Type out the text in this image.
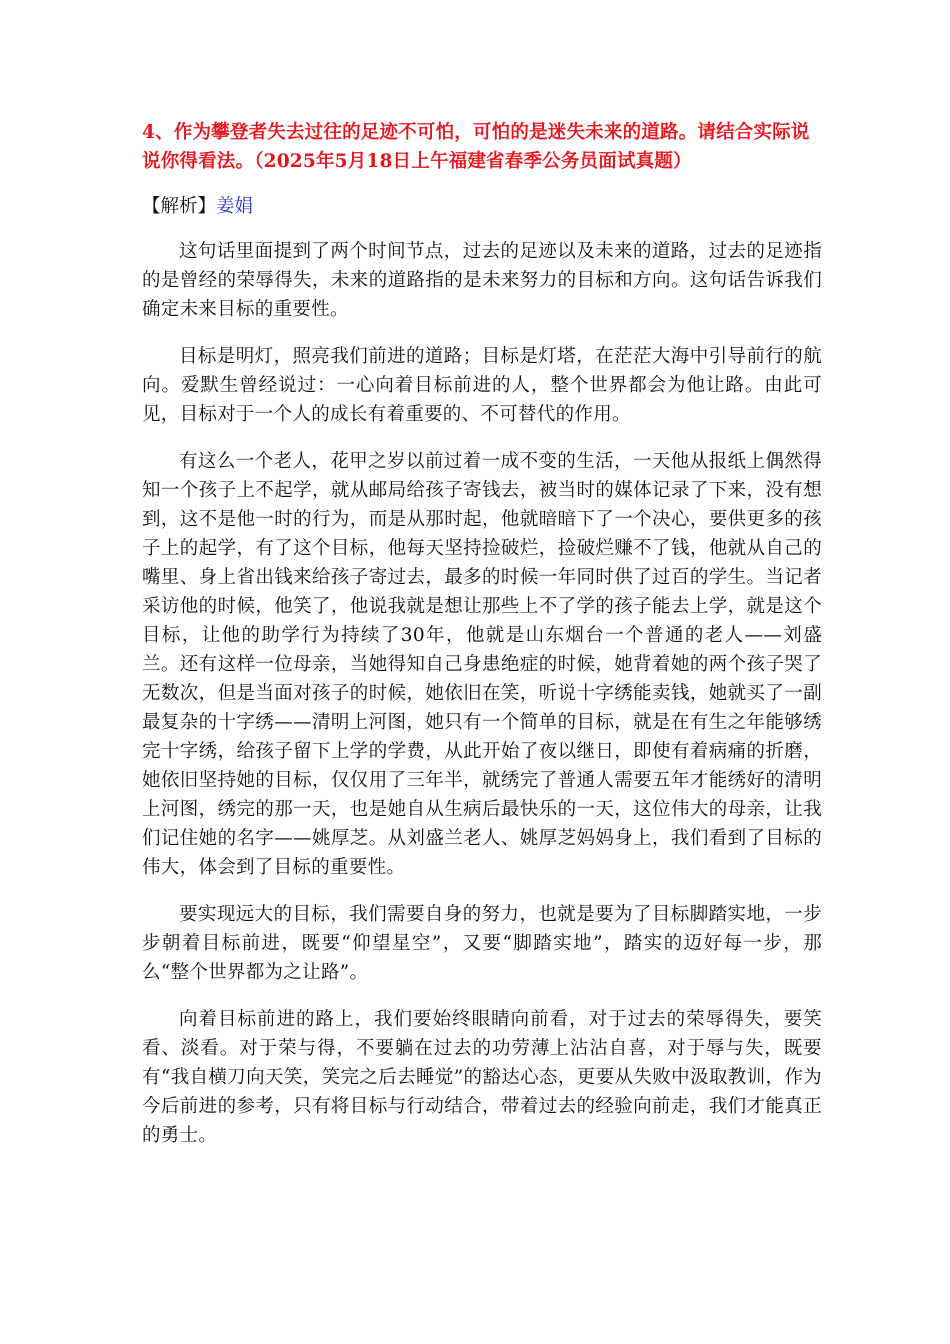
4、作为攀登者失去过往的足迹不可怕，可怕的是迷失未来的道路。请结合实际说说你得看法。（2025年5月18日上午福建省春季公务员面试真题）
【解析】姜娟

这句话里面提到了两个时间节点，过去的足迹以及未来的道路，过去的足迹指的是曾经的荣辱得失，未来的道路指的是未来努力的目标和方向。这句话告诉我们确定未来目标的重要性。

目标是明灯，照亮我们前进的道路；目标是灯塔，在茫茫大海中引导前行的航向。爱默生曾经说过：一心向着目标前进的人，整个世界都会为他让路。由此可见，目标对于一个人的成长有着重要的、不可替代的作用。

有这么一个老人，花甲之岁以前过着一成不变的生活，一天他从报纸上偶然得知一个孩子上不起学，就从邮局给孩子寄钱去，被当时的媒体记录了下来，没有想到，这不是他一时的行为，而是从那时起，他就暗暗下了一个决心，要供更多的孩子上的起学，有了这个目标，他每天坚持捡破烂，捡破烂赚不了钱，他就从自己的嘴里、身上省出钱来给孩子寄过去，最多的时候一年同时供了过百的学生。当记者采访他的时候，他笑了，他说我就是想让那些上不了学的孩子能去上学，就是这个目标，让他的助学行为持续了30年，他就是山东烟台一个普通的老人——刘盛兰。还有这样一位母亲，当她得知自己身患绝症的时候，她背着她的两个孩子哭了无数次，但是当面对孩子的时候，她依旧在笑，听说十字绣能卖钱，她就买了一副最复杂的十字绣——清明上河图，她只有一个简单的目标，就是在有生之年能够绣完十字绣，给孩子留下上学的学费，从此开始了夜以继日，即使有着病痛的折磨，她依旧坚持她的目标，仅仅用了三年半，就绣完了普通人需要五年才能绣好的清明上河图，绣完的那一天，也是她自从生病后最快乐的一天，这位伟大的母亲，让我们记住她的名字——姚厚芝。从刘盛兰老人、姚厚芝妈妈身上，我们看到了目标的伟大，体会到了目标的重要性。

要实现远大的目标，我们需要自身的努力，也就是要为了目标脚踏实地，一步步朝着目标前进，既要“仰望星空”，又要“脚踏实地”，踏实的迈好每一步，那么“整个世界都为之让路”。

向着目标前进的路上，我们要始终眼睛向前看，对于过去的荣辱得失，要笑看、淡看。对于荣与得，不要躺在过去的功劳薄上沾沾自喜，对于辱与失，既要有“我自横刀向天笑，笑完之后去睡觉”的豁达心态，更要从失败中汲取教训，作为今后前进的参考，只有将目标与行动结合，带着过去的经验向前走，我们才能真正的勇士。
